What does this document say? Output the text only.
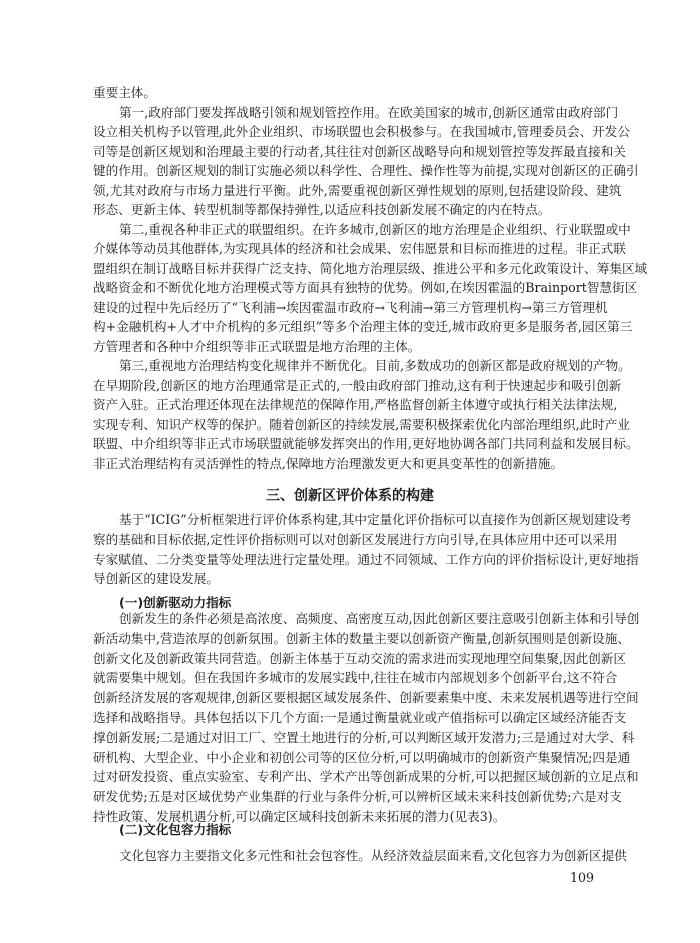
重要主体。
第一,政府部门要发挥战略引领和规划管控作用。在欧美国家的城市,创新区通常由政府部门
设立相关机构予以管理,此外企业组织、市场联盟也会积极参与。在我国城市,管理委员会、开发公
司等是创新区规划和治理最主要的行动者,其往往对创新区战略导向和规划管控等发挥最直接和关
键的作用。创新区规划的制订实施必须以科学性、合理性、操作性等为前提,实现对创新区的正确引
领,尤其对政府与市场力量进行平衡。此外,需要重视创新区弹性规划的原则,包括建设阶段、建筑
形态、更新主体、转型机制等都保持弹性,以适应科技创新发展不确定的内在特点。
第二,重视各种非正式的联盟组织。在许多城市,创新区的地方治理是企业组织、行业联盟或中
介媒体等动员其他群体,为实现具体的经济和社会成果、宏伟愿景和目标而推进的过程。非正式联
盟组织在制订战略目标并获得广泛支持、简化地方治理层级、推进公平和多元化政策设计、筹集区域
战略资金和不断优化地方治理模式等方面具有独特的优势。例如,在埃因霍温的Brainport智慧街区
建设的过程中先后经历了“飞利浦→埃因霍温市政府→飞利浦→第三方管理机构→第三方管理机
构+金融机构+人才中介机构的多元组织”等多个治理主体的变迁,城市政府更多是服务者,园区第三
方管理者和各种中介组织等非正式联盟是地方治理的主体。
第三,重视地方治理结构变化规律并不断优化。目前,多数成功的创新区都是政府规划的产物。
在早期阶段,创新区的地方治理通常是正式的,一般由政府部门推动,这有利于快速起步和吸引创新
资产入驻。正式治理还体现在法律规范的保障作用,严格监督创新主体遵守或执行相关法律法规,
实现专利、知识产权等的保护。随着创新区的持续发展,需要积极探索优化内部治理组织,此时产业
联盟、中介组织等非正式市场联盟就能够发挥突出的作用,更好地协调各部门共同利益和发展目标。
非正式治理结构有灵活弹性的特点,保障地方治理激发更大和更具变革性的创新措施。
三、创新区评价体系的构建
基于“ICIG”分析框架进行评价体系构建,其中定量化评价指标可以直接作为创新区规划建设考
察的基础和目标依据,定性评价指标则可以对创新区发展进行方向引导,在具体应用中还可以采用
专家赋值、二分类变量等处理法进行定量处理。通过不同领域、工作方向的评价指标设计,更好地指
导创新区的建设发展。
(一)创新驱动力指标
创新发生的条件必须是高浓度、高频度、高密度互动,因此创新区要注意吸引创新主体和引导创
新活动集中,营造浓厚的创新氛围。创新主体的数量主要以创新资产衡量,创新氛围则是创新设施、
创新文化及创新政策共同营造。创新主体基于互动交流的需求进而实现地理空间集聚,因此创新区
就需要集中规划。但在我国许多城市的发展实践中,往往在城市内部规划多个创新平台,这不符合
创新经济发展的客观规律,创新区要根据区域发展条件、创新要素集中度、未来发展机遇等进行空间
选择和战略指导。具体包括以下几个方面:一是通过衡量就业或产值指标可以确定区域经济能否支
撑创新发展;二是通过对旧工厂、空置土地进行的分析,可以判断区域开发潜力;三是通过对大学、科
研机构、大型企业、中小企业和初创公司等的区位分析,可以明确城市的创新资产集聚情况;四是通
过对研发投资、重点实验室、专利产出、学术产出等创新成果的分析,可以把握区域创新的立足点和
研发优势;五是对区域优势产业集群的行业与条件分析,可以辨析区域未来科技创新优势;六是对支
持性政策、发展机遇分析,可以确定区域科技创新未来拓展的潜力(见表3)。
(二)文化包容力指标
文化包容力主要指文化多元性和社会包容性。从经济效益层面来看,文化包容力为创新区提供
109
